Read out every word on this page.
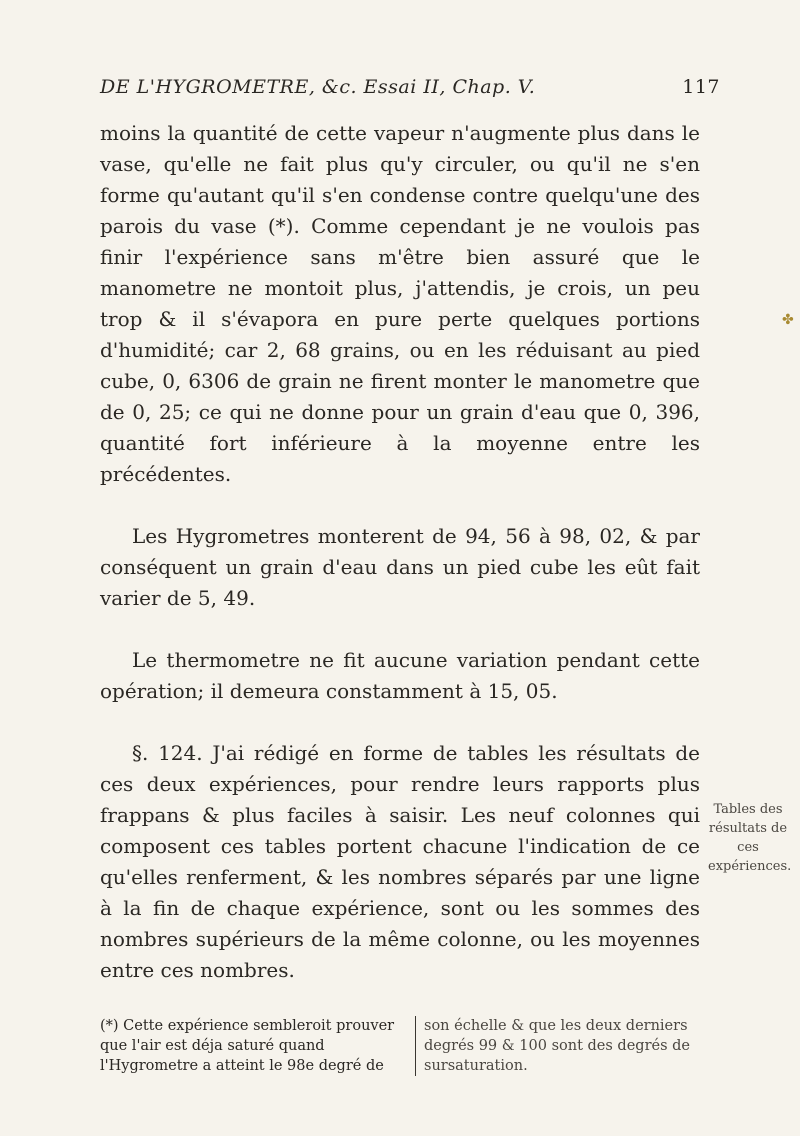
DE L'HYGROMETRE, &c. Essai II, Chap. V.	117

moins la quantité de cette vapeur n'augmente plus dans le vase, qu'elle ne fait plus qu'y circuler, ou qu'il ne s'en forme qu'autant qu'il s'en condense contre quelqu'une des parois du vase (*). Comme cependant je ne voulois pas finir l'expérience sans m'être bien assuré que le manometre ne montoit plus, j'attendis, je crois, un peu trop & il s'évapora en pure perte quelques portions d'humidité; car 2, 68 grains, ou en les réduisant au pied cube, 0, 6306 de grain ne firent monter le manometre que de 0, 25; ce qui ne donne pour un grain d'eau que 0, 396, quantité fort inférieure à la moyenne entre les précédentes.

Les Hygrometres monterent de 94, 56 à 98, 02, & par conséquent un grain d'eau dans un pied cube les eût fait varier de 5, 49.

Le thermometre ne fit aucune variation pendant cette opération; il demeura constamment à 15, 05.

§. 124. J'ai rédigé en forme de tables les résultats de ces deux expériences, pour rendre leurs rapports plus frappans & plus faciles à saisir. Les neuf colonnes qui composent ces tables portent chacune l'indication de ce qu'elles renferment, & les nombres séparés par une ligne à la fin de chaque expérience, sont ou les sommes des nombres supérieurs de la même colonne, ou les moyennes entre ces nombres.

Tables des résultats de ces expériences.
(*) Cette expérience sembleroit prouver que l'air est déja saturé quand l'Hygrometre a atteint le 98e degré de
son échelle & que les deux derniers degrés 99 & 100 sont des degrés de sursaturation.
✤
